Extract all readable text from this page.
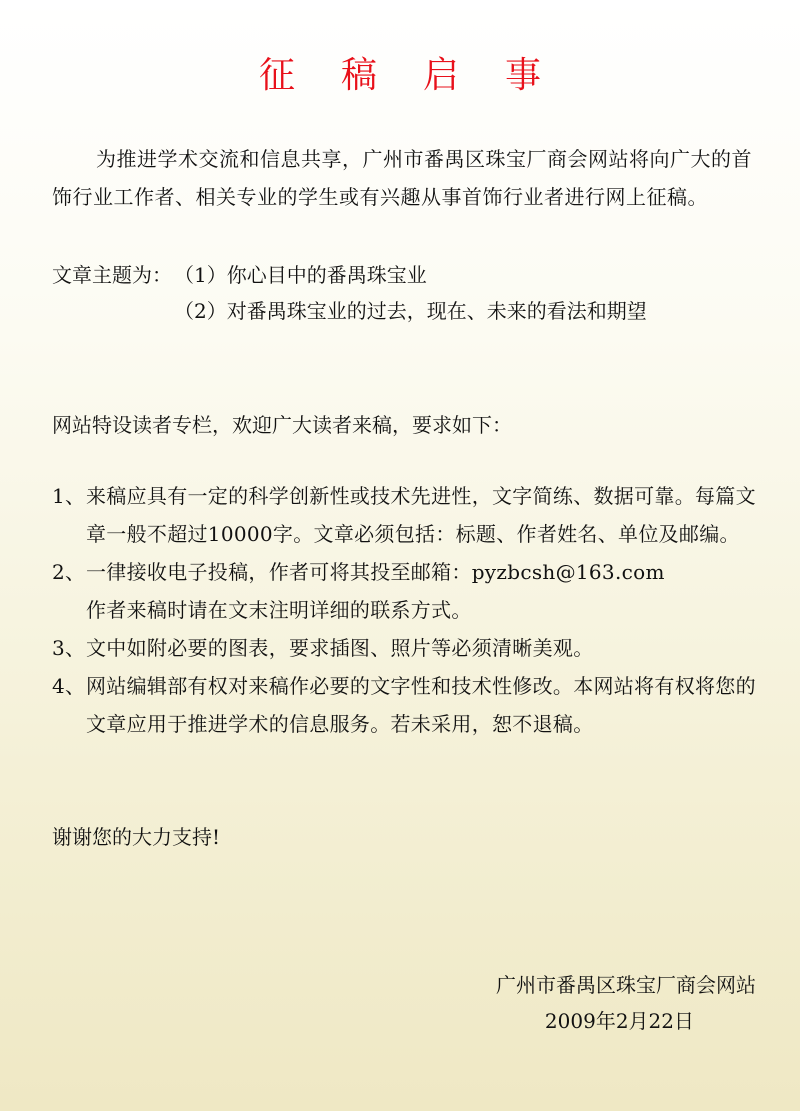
征稿启事
为推进学术交流和信息共享，广州市番禺区珠宝厂商会网站将向广大的首饰行业工作者、相关专业的学生或有兴趣从事首饰行业者进行网上征稿。
文章主题为： （1）你心目中的番禺珠宝业
（2）对番禺珠宝业的过去，现在、未来的看法和期望
网站特设读者专栏，欢迎广大读者来稿，要求如下：
1、 来稿应具有一定的科学创新性或技术先进性，文字简练、数据可靠。每篇文章一般不超过10000字。文章必须包括：标题、作者姓名、单位及邮编。
2、 一律接收电子投稿，作者可将其投至邮箱：pyzbcsh@163.com
作者来稿时请在文末注明详细的联系方式。
3、 文中如附必要的图表，要求插图、照片等必须清晰美观。
4、 网站编辑部有权对来稿作必要的文字性和技术性修改。本网站将有权将您的文章应用于推进学术的信息服务。若未采用，恕不退稿。
谢谢您的大力支持!
广州市番禺区珠宝厂商会网站
2009年2月22日
